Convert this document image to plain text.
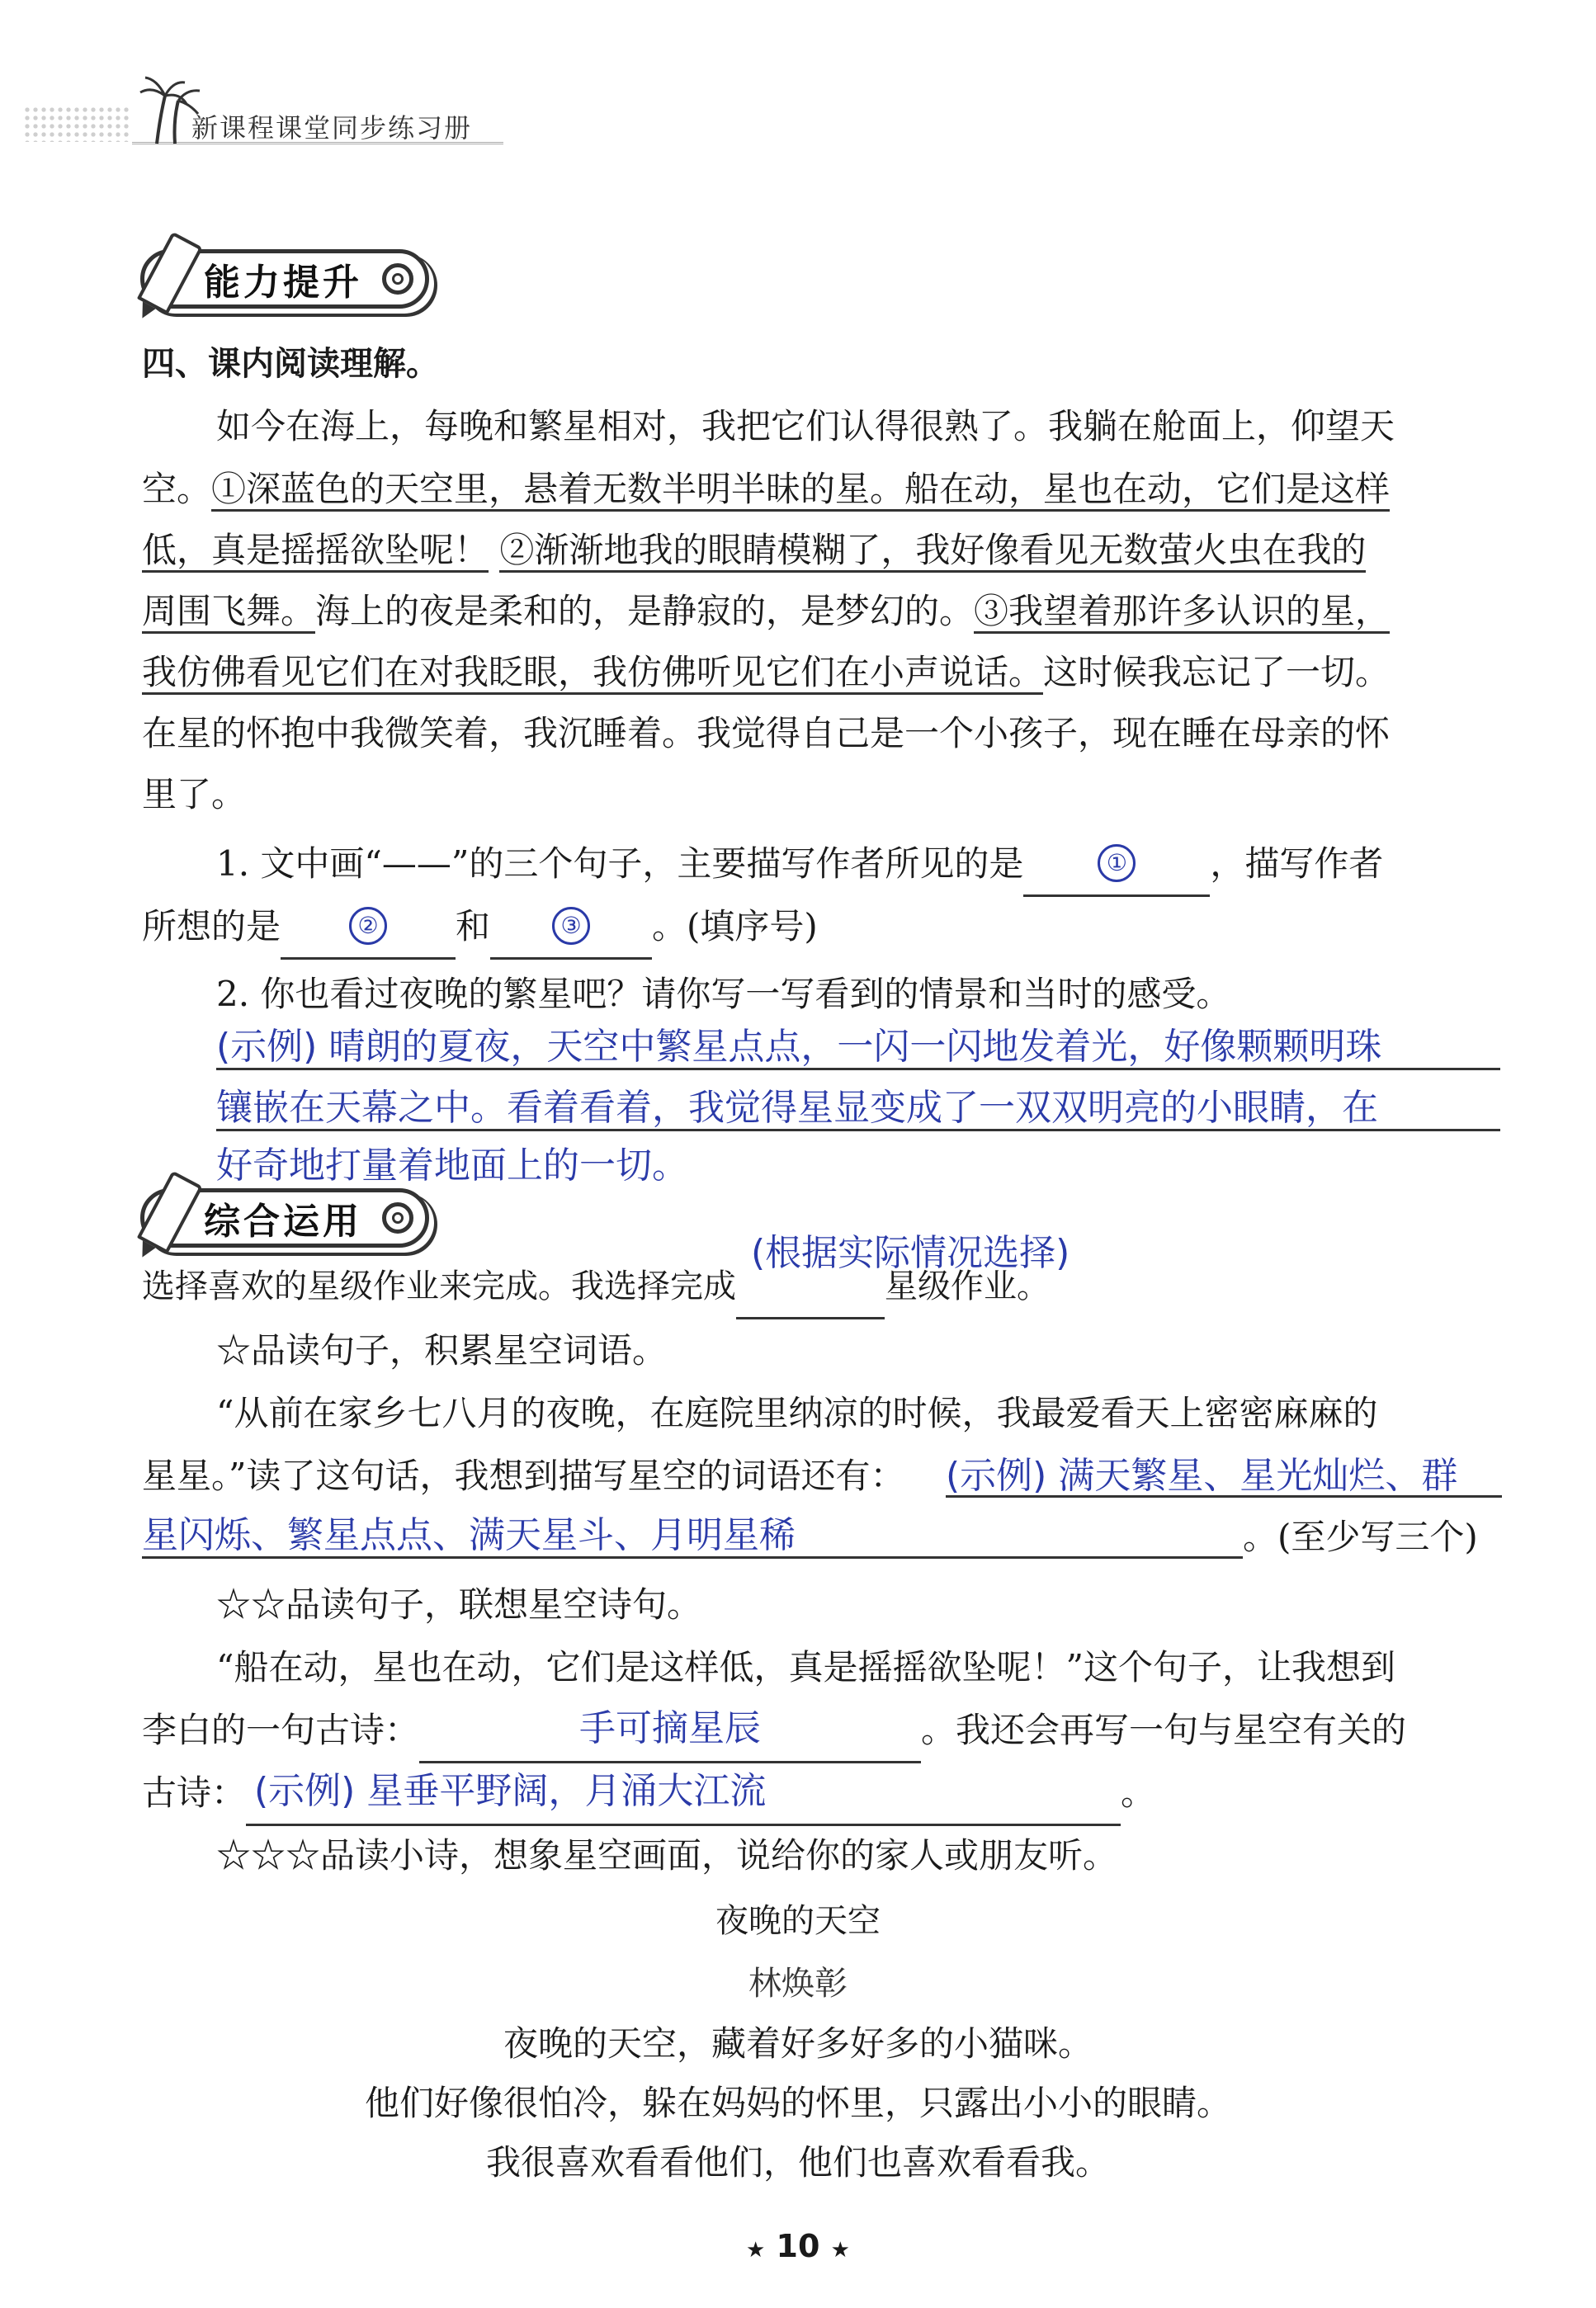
新课程课堂同步练习册
能力提升
四、课内阅读理解。
如今在海上，每晚和繁星相对，我把它们认得很熟了。我躺在舱面上，仰望天
空。①深蓝色的天空里，悬着无数半明半昧的星。船在动，星也在动，它们是这样
低，真是摇摇欲坠呢！ ②渐渐地我的眼睛模糊了，我好像看见无数萤火虫在我的
周围飞舞。海上的夜是柔和的，是静寂的，是梦幻的。③我望着那许多认识的星，
我仿佛看见它们在对我眨眼，我仿佛听见它们在小声说话。这时候我忘记了一切。
在星的怀抱中我微笑着，我沉睡着。我觉得自己是一个小孩子，现在睡在母亲的怀
里了。
1. 文中画“——”的三个句子，主要描写作者所见的是	①	，描写作者
所想的是	②	和	③	。(填序号)
2. 你也看过夜晚的繁星吧？请你写一写看到的情景和当时的感受。
(示例) 晴朗的夏夜，天空中繁星点点，一闪一闪地发着光，好像颗颗明珠
镶嵌在天幕之中。看着看着，我觉得星显变成了一双双明亮的小眼睛，在
好奇地打量着地面上的一切。
综合运用
(根据实际情况选择)
选择喜欢的星级作业来完成。我选择完成	星级作业。
☆品读句子，积累星空词语。
“从前在家乡七八月的夜晚，在庭院里纳凉的时候，我最爱看天上密密麻麻的
星星。”读了这句话，我想到描写星空的词语还有： (示例) 满天繁星、星光灿烂、群
星闪烁、繁星点点、满天星斗、月明星稀	。(至少写三个)
☆☆品读句子，联想星空诗句。
“船在动，星也在动，它们是这样低，真是摇摇欲坠呢！”这个句子，让我想到
李白的一句古诗：	手可摘星辰	。我还会再写一句与星空有关的
古诗： (示例) 星垂平野阔，月涌大江流	。
☆☆☆品读小诗，想象星空画面，说给你的家人或朋友听。
夜晚的天空
林焕彰
夜晚的天空，藏着好多好多的小猫咪。
他们好像很怕冷，躲在妈妈的怀里，只露出小小的眼睛。
我很喜欢看看他们，他们也喜欢看看我。
★ 10 ★
